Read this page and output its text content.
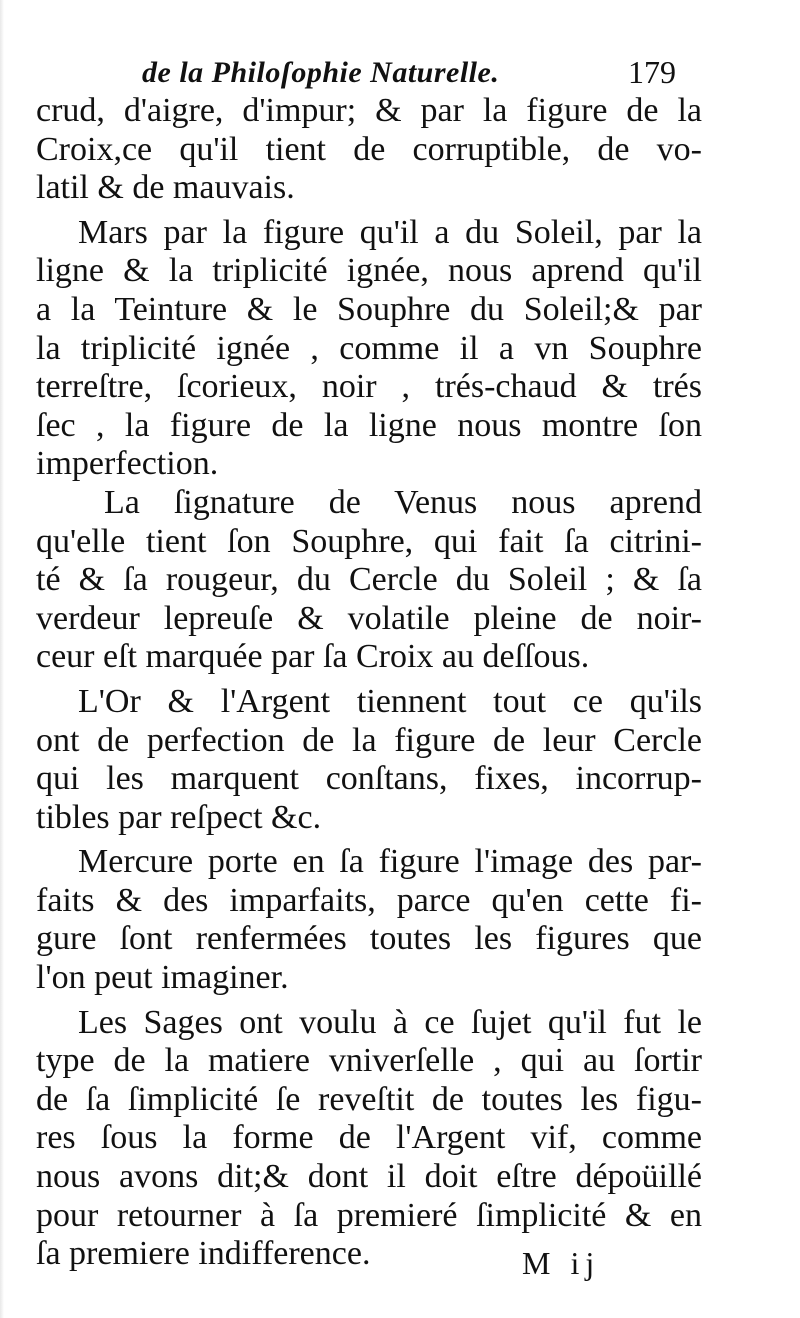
de la Philoſophie Naturelle.	179
crud, d'aigre, d'impur; & par la figure de la
Croix,ce qu'il tient de corruptible, de vo-
latil & de mauvais.
Mars par la figure qu'il a du Soleil, par la
ligne & la triplicité ignée, nous aprend qu'il
a la Teinture & le Souphre du Soleil;& par
la triplicité ignée , comme il a vn Souphre
terreſtre, ſcorieux, noir , trés-chaud & trés
ſec , la figure de la ligne nous montre ſon
imperfection.
La ſignature de Venus nous aprend
qu'elle tient ſon Souphre, qui fait ſa citrini-
té & ſa rougeur, du Cercle du Soleil ; & ſa
verdeur lepreuſe & volatile pleine de noir-
ceur eſt marquée par ſa Croix au deſſous.
L'Or & l'Argent tiennent tout ce qu'ils
ont de perfection de la figure de leur Cercle
qui les marquent conſtans, fixes, incorrup-
tibles par reſpect &c.
Mercure porte en ſa figure l'image des par-
faits & des imparfaits, parce qu'en cette fi-
gure ſont renfermées toutes les figures que
l'on peut imaginer.
Les Sages ont voulu à ce ſujet qu'il fut le
type de la matiere vniverſelle , qui au ſortir
de ſa ſimplicité ſe reveſtit de toutes les figu-
res ſous la forme de l'Argent vif, comme
nous avons dit;& dont il doit eſtre dépoüillé
pour retourner à ſa premieré ſimplicité & en
ſa premiere indifference.	M ij
